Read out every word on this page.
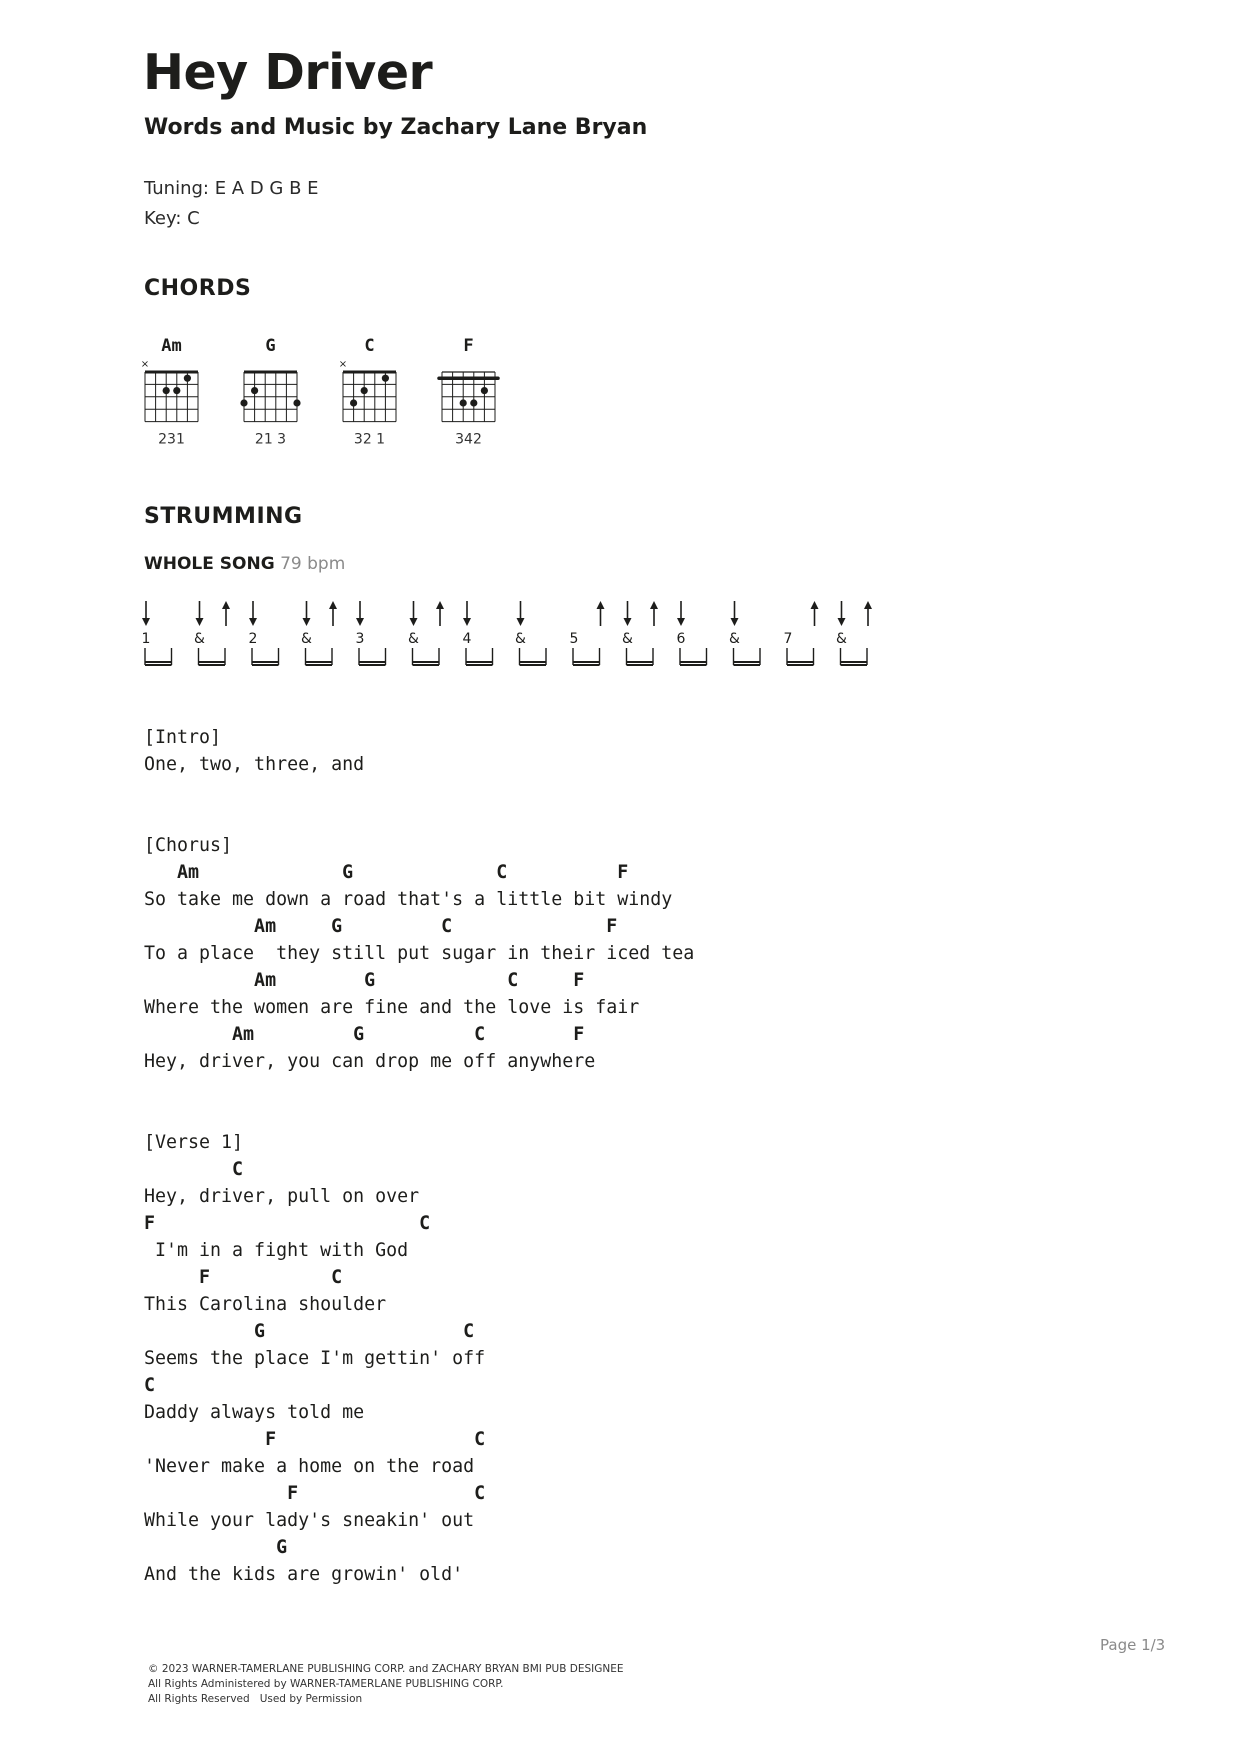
Hey Driver
Words and Music by Zachary Lane Bryan
Tuning: E A D G B E
Key: C
CHORDS
Am
×
231
G
21 3
C
×
32 1
F
342
STRUMMING
WHOLE SONG 79 bpm
1	&	2	&	3	&	4	&	5	&	6	&	7	&
[Intro]
One, two, three, and
[Chorus]
Am             G             C          F
So take me down a road that's a little bit windy
Am     G         C              F
To a place  they still put sugar in their iced tea
Am        G            C     F
Where the women are fine and the love is fair
Am         G          C        F
Hey, driver, you can drop me off anywhere
[Verse 1]
C
Hey, driver, pull on over
F                        C
I'm in a fight with God
F           C
This Carolina shoulder
G                  C
Seems the place I'm gettin' off
C
Daddy always told me
F                  C
'Never make a home on the road
F                C
While your lady's sneakin' out
G
And the kids are growin' old'
Page 1/3
© 2023 WARNER-TAMERLANE PUBLISHING CORP. and ZACHARY BRYAN BMI PUB DESIGNEE
All Rights Administered by WARNER-TAMERLANE PUBLISHING CORP.
All Rights Reserved   Used by Permission
